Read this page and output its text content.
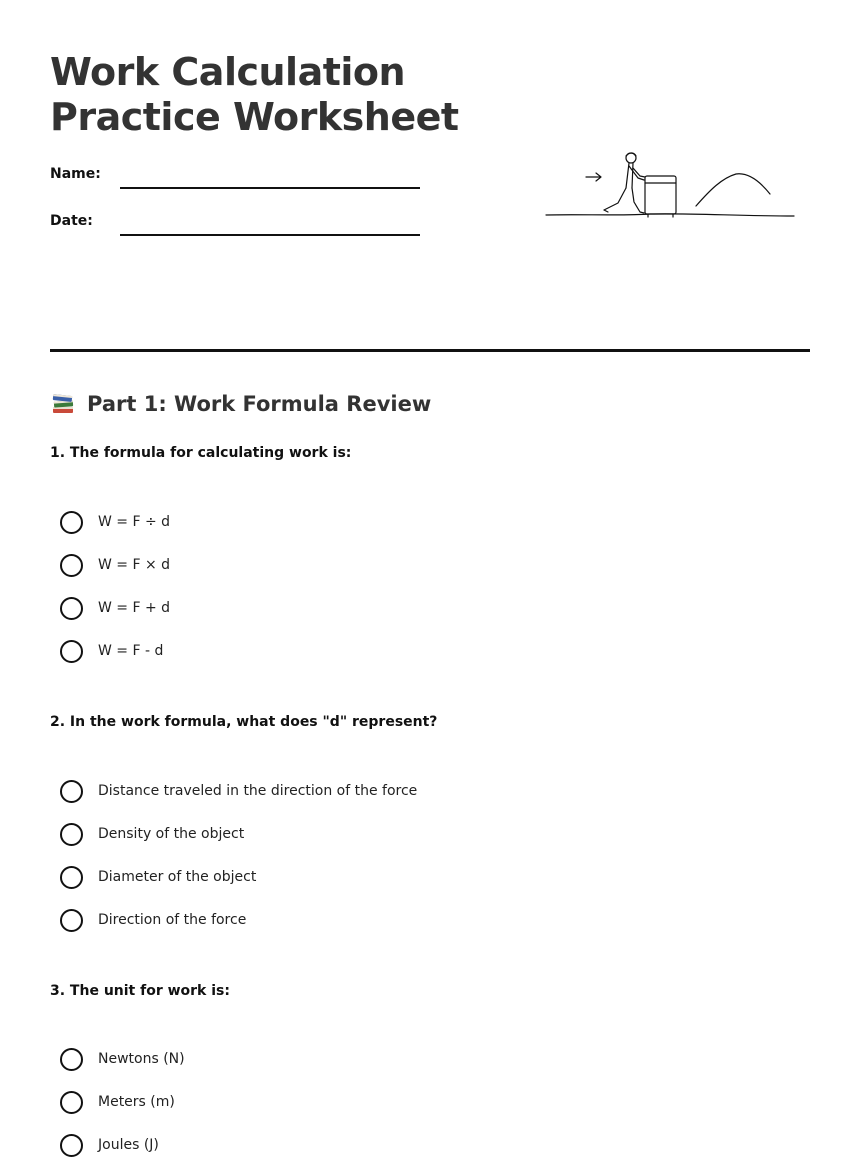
Work Calculation
Practice Worksheet
Name:
Date:
Part 1: Work Formula Review

1. The formula for calculating work is:

W = F ÷ d
W = F × d
W = F + d
W = F - d

2. In the work formula, what does "d" represent?

Distance traveled in the direction of the force
Density of the object
Diameter of the object
Direction of the force

3. The unit for work is:

Newtons (N)
Meters (m)
Joules (J)
